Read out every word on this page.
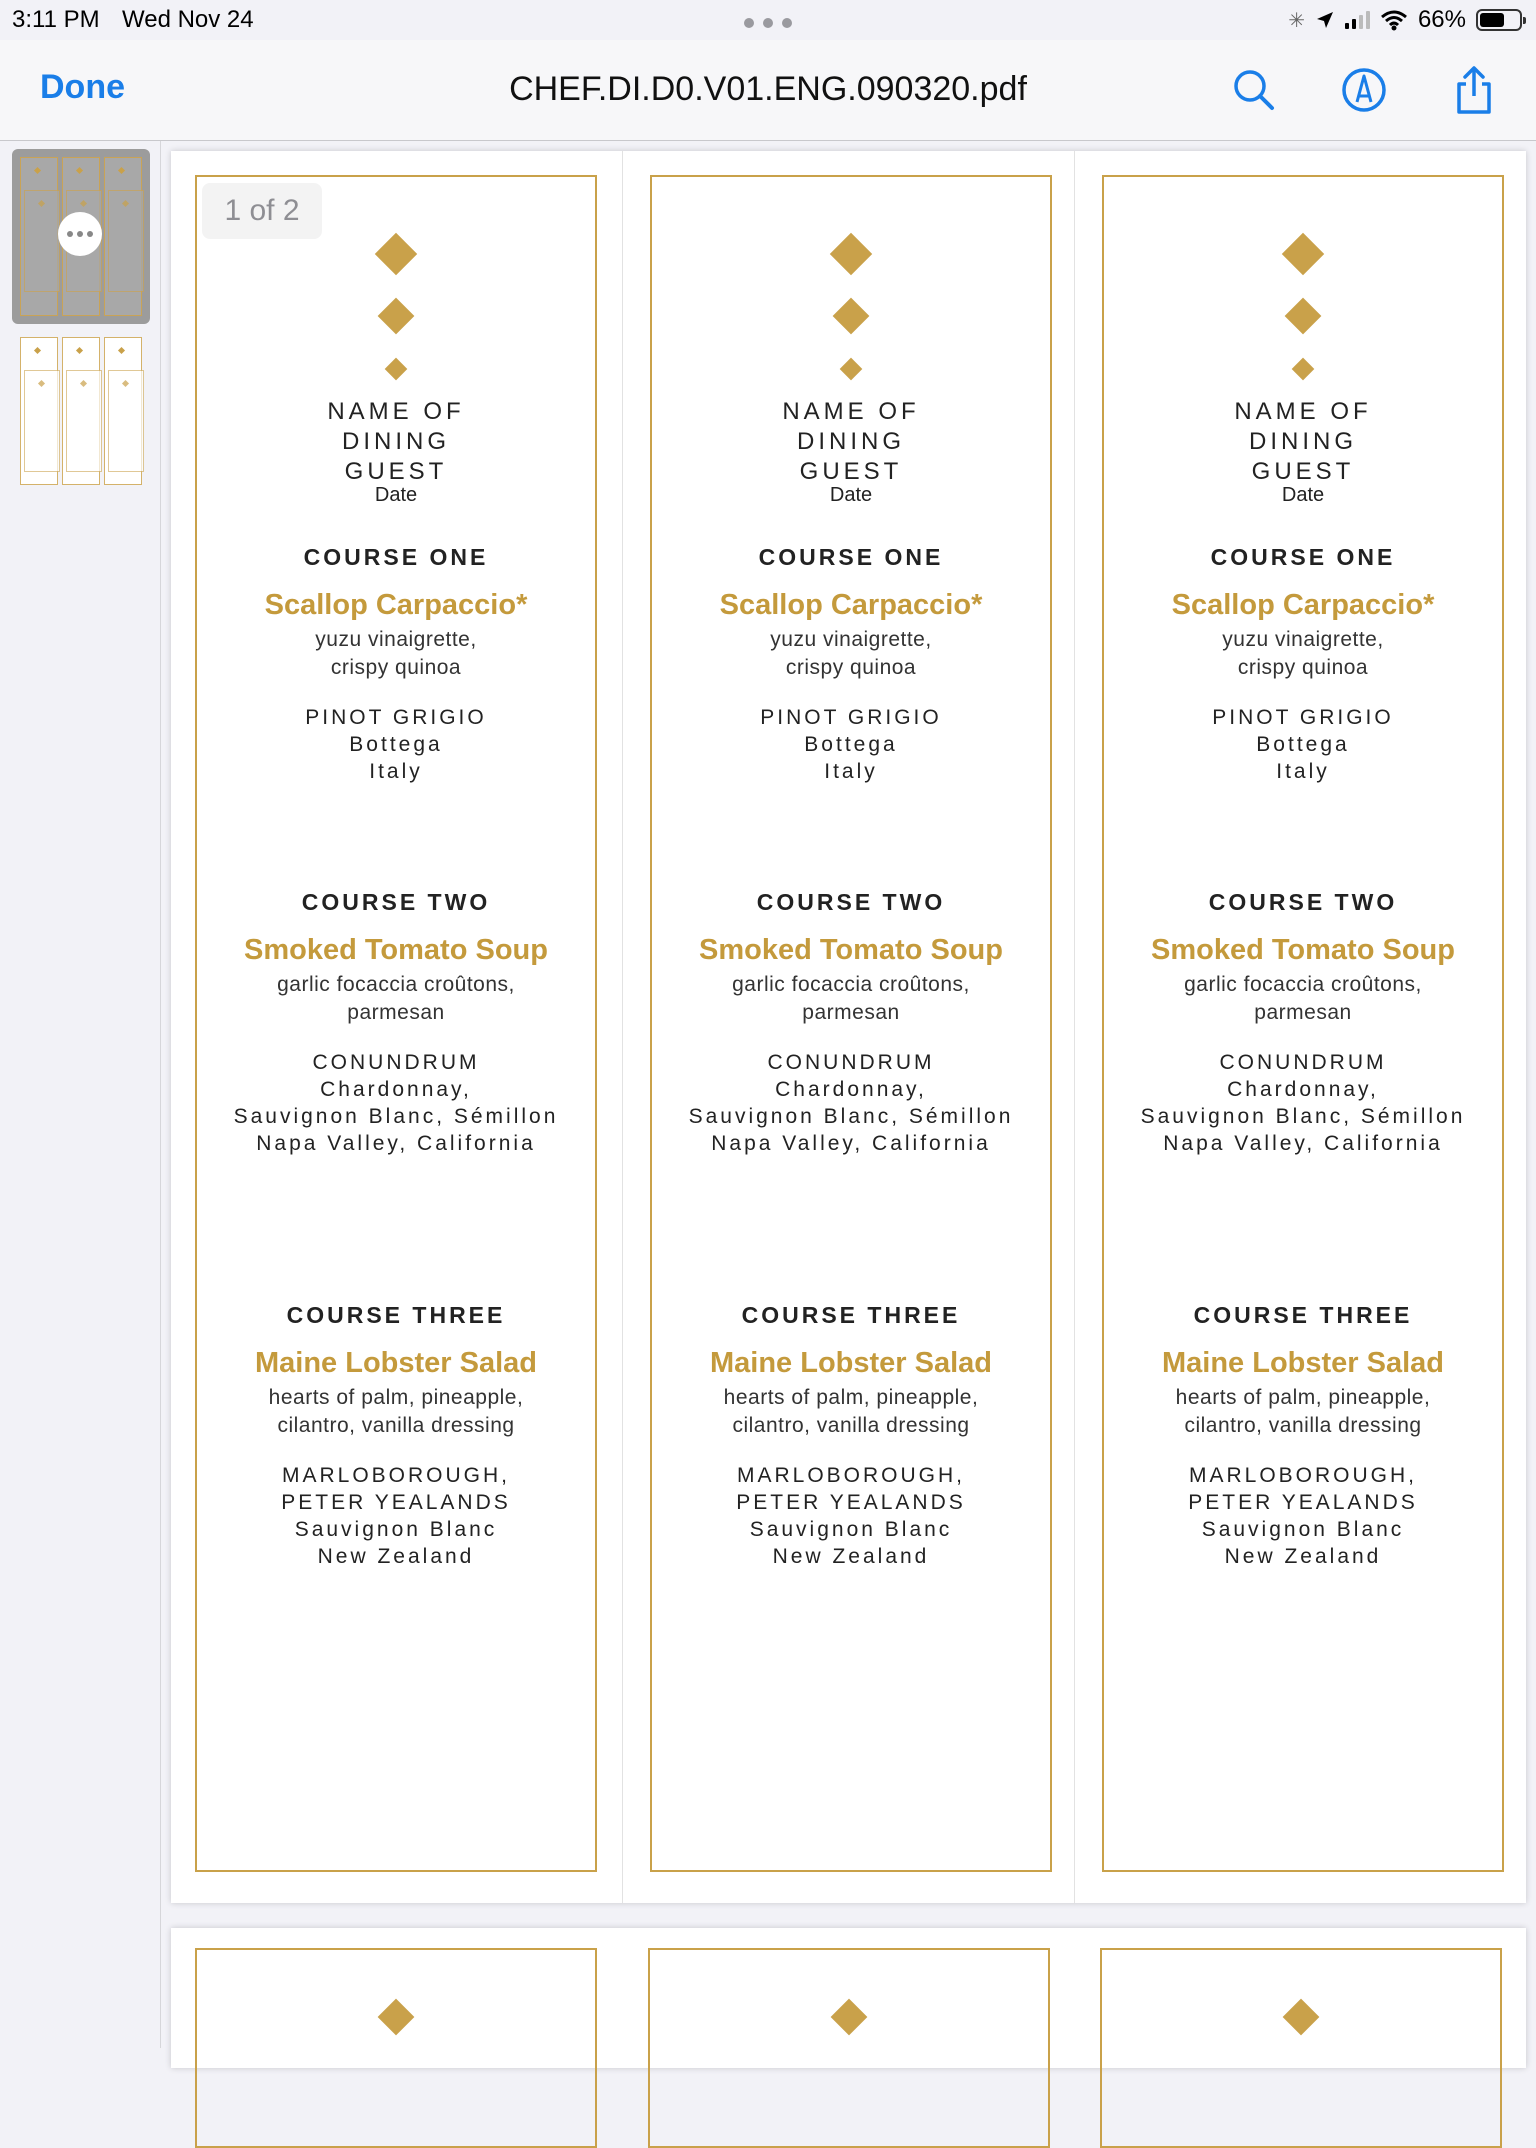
3:11 PM Wed Nov 24	✳	66%
Done	CHEF.DI.D0.V01.ENG.090320.pdf
NAME OF DINING GUEST
Date
COURSE ONE
Scallop Carpaccio*
yuzu vinaigrette,
crispy quinoa
PINOT GRIGIO
Bottega
Italy
COURSE TWO
Smoked Tomato Soup
garlic focaccia croûtons,
parmesan
CONUNDRUM
Chardonnay,
Sauvignon Blanc, Sémillon
Napa Valley, California
COURSE THREE
Maine Lobster Salad
hearts of palm, pineapple,
cilantro, vanilla dressing
MARLOBOROUGH,
PETER YEALANDS
Sauvignon Blanc
New Zealand
NAME OF DINING GUEST
Date
COURSE ONE
Scallop Carpaccio*
yuzu vinaigrette,
crispy quinoa
PINOT GRIGIO
Bottega
Italy
COURSE TWO
Smoked Tomato Soup
garlic focaccia croûtons,
parmesan
CONUNDRUM
Chardonnay,
Sauvignon Blanc, Sémillon
Napa Valley, California
COURSE THREE
Maine Lobster Salad
hearts of palm, pineapple,
cilantro, vanilla dressing
MARLOBOROUGH,
PETER YEALANDS
Sauvignon Blanc
New Zealand
NAME OF DINING GUEST
Date
COURSE ONE
Scallop Carpaccio*
yuzu vinaigrette,
crispy quinoa
PINOT GRIGIO
Bottega
Italy
COURSE TWO
Smoked Tomato Soup
garlic focaccia croûtons,
parmesan
CONUNDRUM
Chardonnay,
Sauvignon Blanc, Sémillon
Napa Valley, California
COURSE THREE
Maine Lobster Salad
hearts of palm, pineapple,
cilantro, vanilla dressing
MARLOBOROUGH,
PETER YEALANDS
Sauvignon Blanc
New Zealand
1 of 2
